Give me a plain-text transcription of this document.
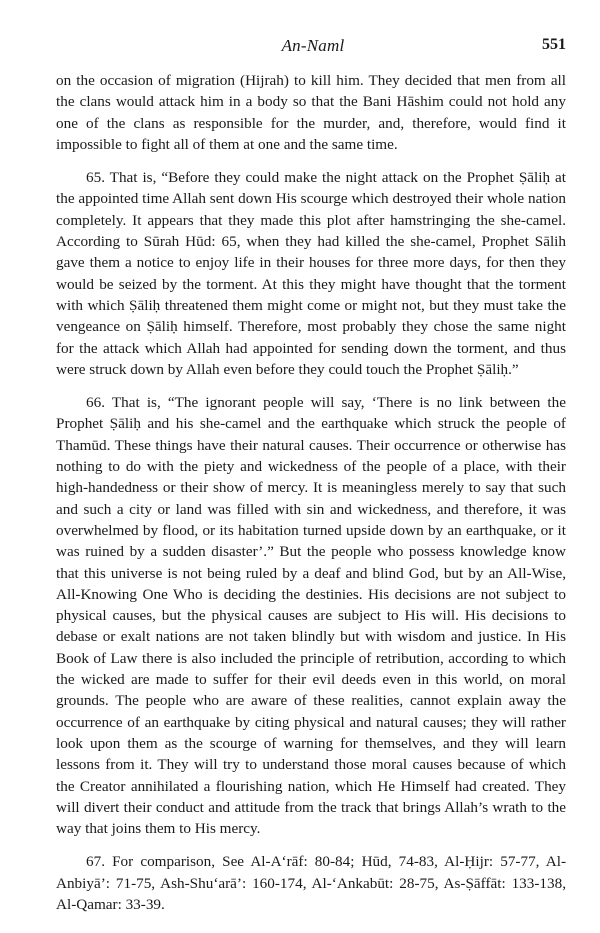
An-Naml	551

on the occasion of migration (Hijrah) to kill him. They decided that men from all the clans would attack him in a body so that the Bani Hāshim could not hold any one of the clans as responsible for the murder, and, therefore, would find it impossible to fight all of them at one and the same time.

65. That is, “Before they could make the night attack on the Prophet Ṣāliḥ at the appointed time Allah sent down His scourge which destroyed their whole nation completely. It appears that they made this plot after hamstringing the she-camel. According to Sūrah Hūd: 65, when they had killed the she-camel, Prophet Sālih gave them a notice to enjoy life in their houses for three more days, for then they would be seized by the torment. At this they might have thought that the torment with which Ṣāliḥ threatened them might come or might not, but they must take the vengeance on Ṣāliḥ himself. Therefore, most probably they chose the same night for the attack which Allah had appointed for sending down the torment, and thus were struck down by Allah even before they could touch the Prophet Ṣāliḥ.”

66. That is, “The ignorant people will say, ‘There is no link between the Prophet Ṣāliḥ and his she-camel and the earthquake which struck the people of Thamūd. These things have their natural causes. Their occurrence or otherwise has nothing to do with the piety and wickedness of the people of a place, with their high-handedness or their show of mercy. It is meaningless merely to say that such and such a city or land was filled with sin and wickedness, and therefore, it was overwhelmed by flood, or its habitation turned upside down by an earthquake, or it was ruined by a sudden disaster’.” But the people who possess knowledge know that this universe is not being ruled by a deaf and blind God, but by an All-Wise, All-Knowing One Who is deciding the destinies. His decisions are not subject to physical causes, but the physical causes are subject to His will. His decisions to debase or exalt nations are not taken blindly but with wisdom and justice. In His Book of Law there is also included the principle of retribution, according to which the wicked are made to suffer for their evil deeds even in this world, on moral grounds. The people who are aware of these realities, cannot explain away the occurrence of an earthquake by citing physical and natural causes; they will rather look upon them as the scourge of warning for themselves, and they will learn lessons from it. They will try to understand those moral causes because of which the Creator annihilated a flourishing nation, which He Himself had created. They will divert their conduct and attitude from the track that brings Allah’s wrath to the way that joins them to His mercy.

67. For comparison, See Al-A‘rāf: 80-84; Hūd, 74-83, Al-Ḥijr: 57-77, Al-Anbiyā’: 71-75, Ash-Shu‘arā’: 160-174, Al-‘Ankabūt: 28-75, As-Ṣāffāt: 133-138, Al-Qamar: 33-39.
